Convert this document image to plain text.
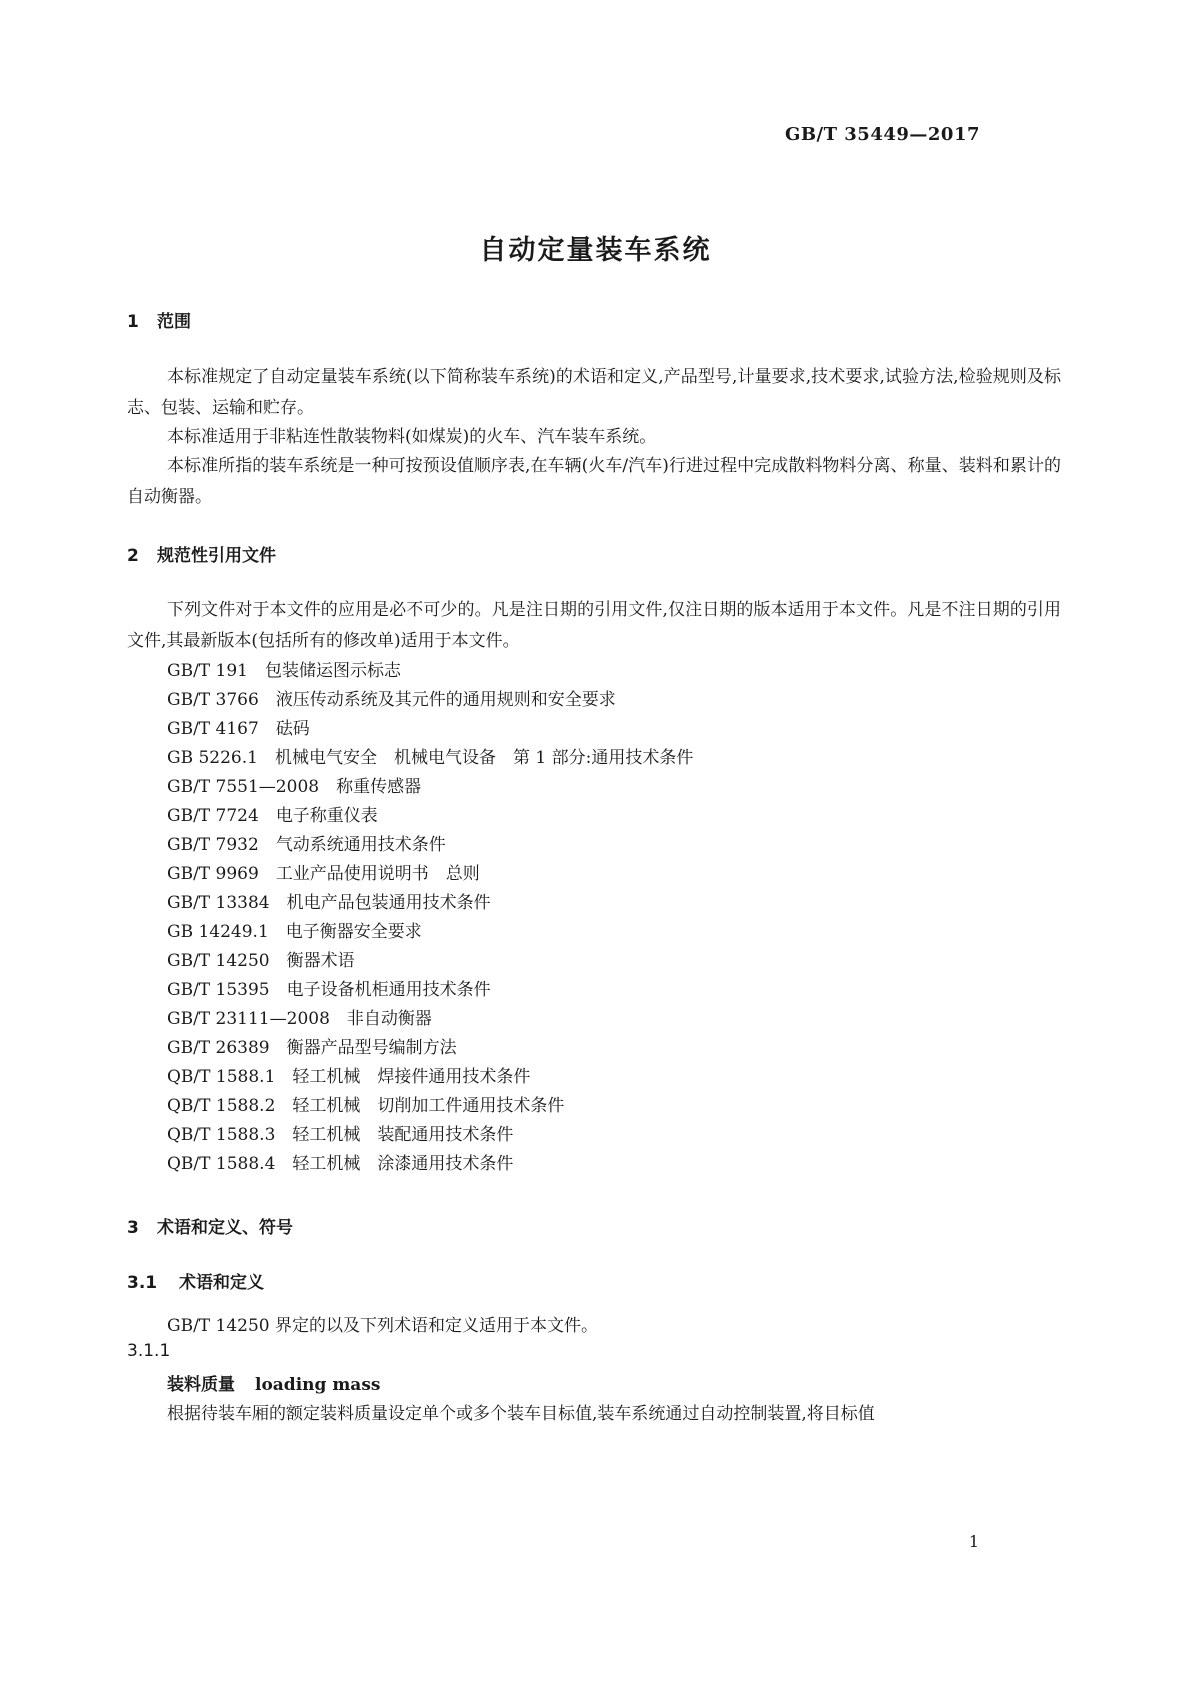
GB/T 35449—2017
自动定量装车系统
1 范围
本标准规定了自动定量装车系统(以下简称装车系统)的术语和定义,产品型号,计量要求,技术要求,试验方法,检验规则及标志、包装、运输和贮存。
本标准适用于非粘连性散装物料(如煤炭)的火车、汽车装车系统。
本标准所指的装车系统是一种可按预设值顺序表,在车辆(火车/汽车)行进过程中完成散料物料分离、称量、装料和累计的自动衡器。
2 规范性引用文件
下列文件对于本文件的应用是必不可少的。凡是注日期的引用文件,仅注日期的版本适用于本文件。凡是不注日期的引用文件,其最新版本(包括所有的修改单)适用于本文件。
GB/T 191 包装储运图示标志
GB/T 3766 液压传动系统及其元件的通用规则和安全要求
GB/T 4167 砝码
GB 5226.1 机械电气安全　机械电气设备　第 1 部分:通用技术条件
GB/T 7551—2008 称重传感器
GB/T 7724 电子称重仪表
GB/T 7932 气动系统通用技术条件
GB/T 9969 工业产品使用说明书　总则
GB/T 13384 机电产品包装通用技术条件
GB 14249.1 电子衡器安全要求
GB/T 14250 衡器术语
GB/T 15395 电子设备机柜通用技术条件
GB/T 23111—2008 非自动衡器
GB/T 26389 衡器产品型号编制方法
QB/T 1588.1 轻工机械　焊接件通用技术条件
QB/T 1588.2 轻工机械　切削加工件通用技术条件
QB/T 1588.3 轻工机械　装配通用技术条件
QB/T 1588.4 轻工机械　涂漆通用技术条件
3 术语和定义、符号
3.1 术语和定义
GB/T 14250 界定的以及下列术语和定义适用于本文件。
3.1.1
装料质量 loading mass
根据待装车厢的额定装料质量设定单个或多个装车目标值,装车系统通过自动控制装置,将目标值
1
